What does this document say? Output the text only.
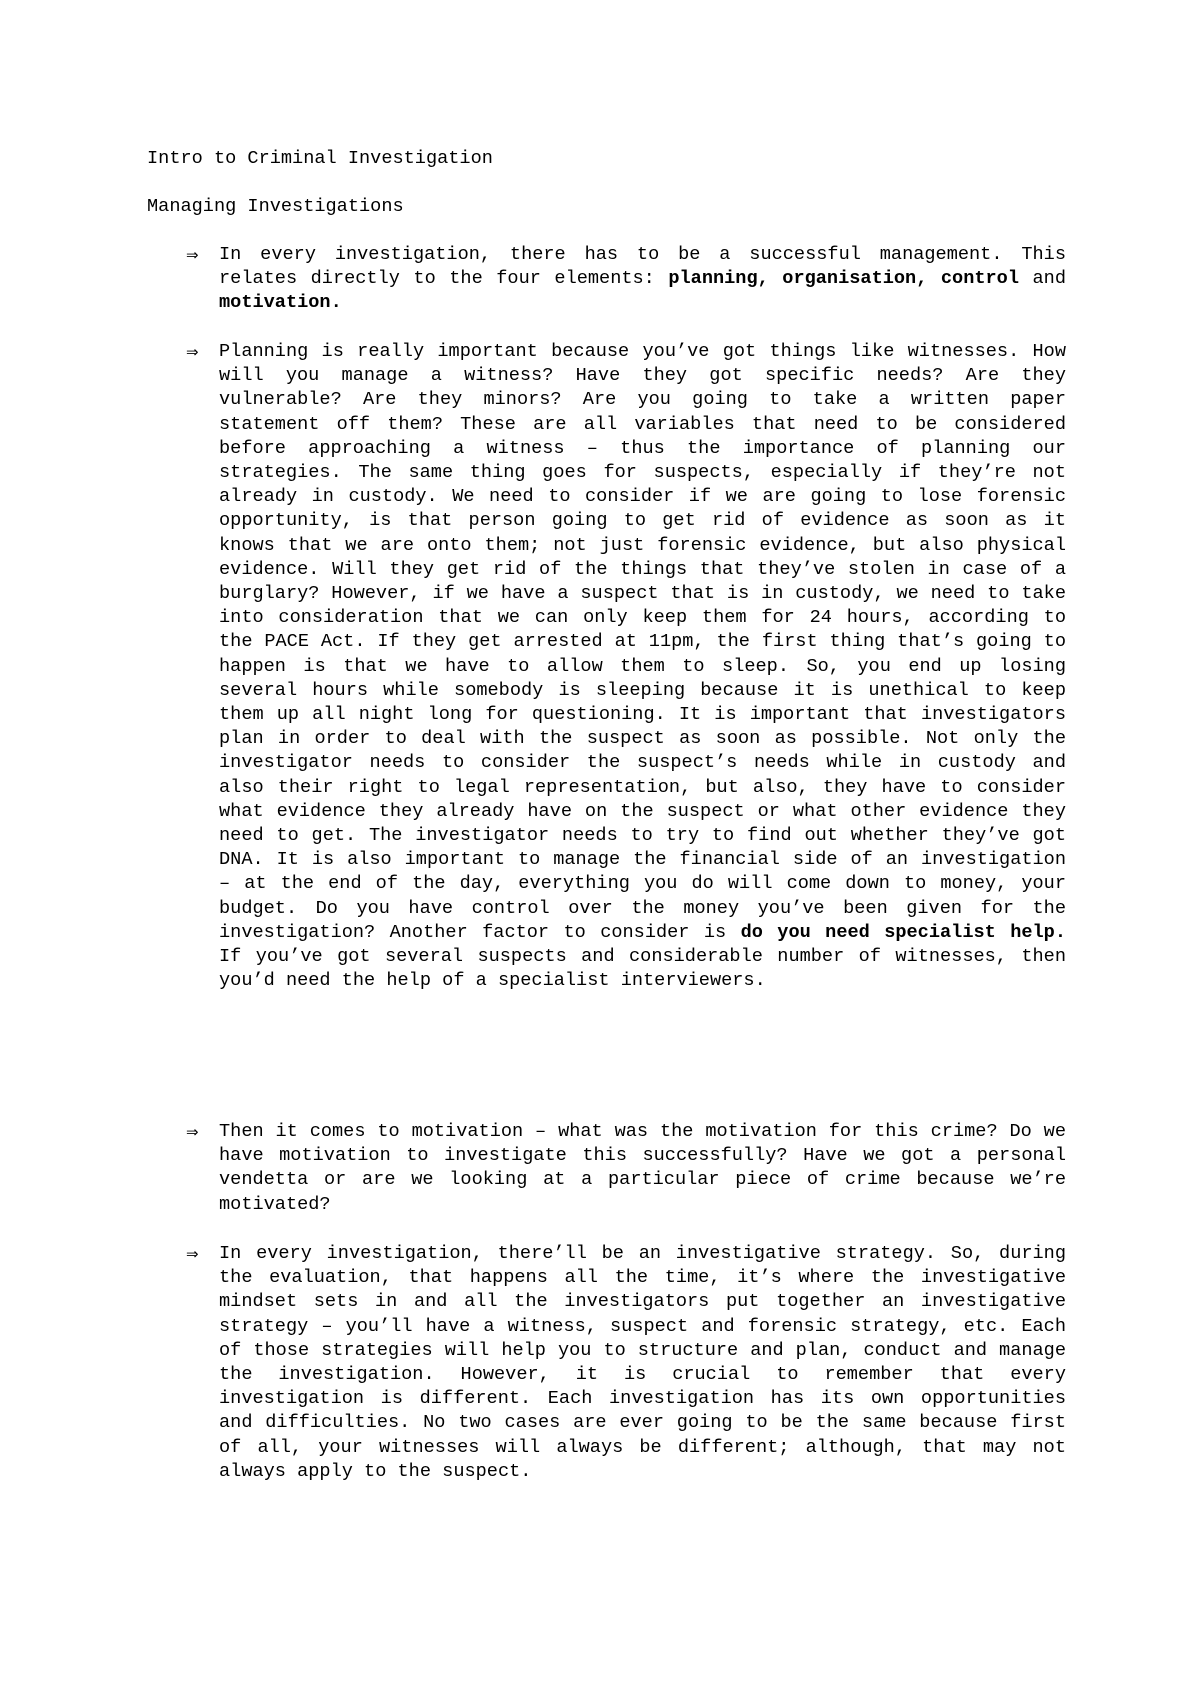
Intro to Criminal Investigation
Managing Investigations
⇒	In every investigation, there has to be a successful management. This relates directly to the four elements: planning, organisation, control and motivation.
⇒	Planning is really important because you’ve got things like witnesses. How will you manage a witness? Have they got specific needs? Are they vulnerable? Are they minors? Are you going to take a written paper statement off them? These are all variables that need to be considered before approaching a witness – thus the importance of planning our strategies. The same thing goes for suspects, especially if they’re not already in custody. We need to consider if we are going to lose forensic opportunity, is that person going to get rid of evidence as soon as it knows that we are onto them; not just forensic evidence, but also physical evidence. Will they get rid of the things that they’ve stolen in case of a burglary? However, if we have a suspect that is in custody, we need to take into consideration that we can only keep them for 24 hours, according to the PACE Act. If they get arrested at 11pm, the first thing that’s going to happen is that we have to allow them to sleep. So, you end up losing several hours while somebody is sleeping because it is unethical to keep them up all night long for questioning. It is important that investigators plan in order to deal with the suspect as soon as possible. Not only the investigator needs to consider the suspect’s needs while in custody and also their right to legal representation, but also, they have to consider what evidence they already have on the suspect or what other evidence they need to get. The investigator needs to try to find out whether they’ve got DNA. It is also important to manage the financial side of an investigation – at the end of the day, everything you do will come down to money, your budget. Do you have control over the money you’ve been given for the investigation? Another factor to consider is do you need specialist help. If you’ve got several suspects and considerable number of witnesses, then you’d need the help of a specialist interviewers.
⇒	Then it comes to motivation – what was the motivation for this crime? Do we have motivation to investigate this successfully? Have we got a personal vendetta or are we looking at a particular piece of crime because we’re motivated?
⇒	In every investigation, there’ll be an investigative strategy. So, during the evaluation, that happens all the time, it’s where the investigative mindset sets in and all the investigators put together an investigative strategy – you’ll have a witness, suspect and forensic strategy, etc. Each of those strategies will help you to structure and plan, conduct and manage the investigation. However, it is crucial to remember that every investigation is different. Each investigation has its own opportunities and difficulties. No two cases are ever going to be the same because first of all, your witnesses will always be different; although, that may not always apply to the suspect.
